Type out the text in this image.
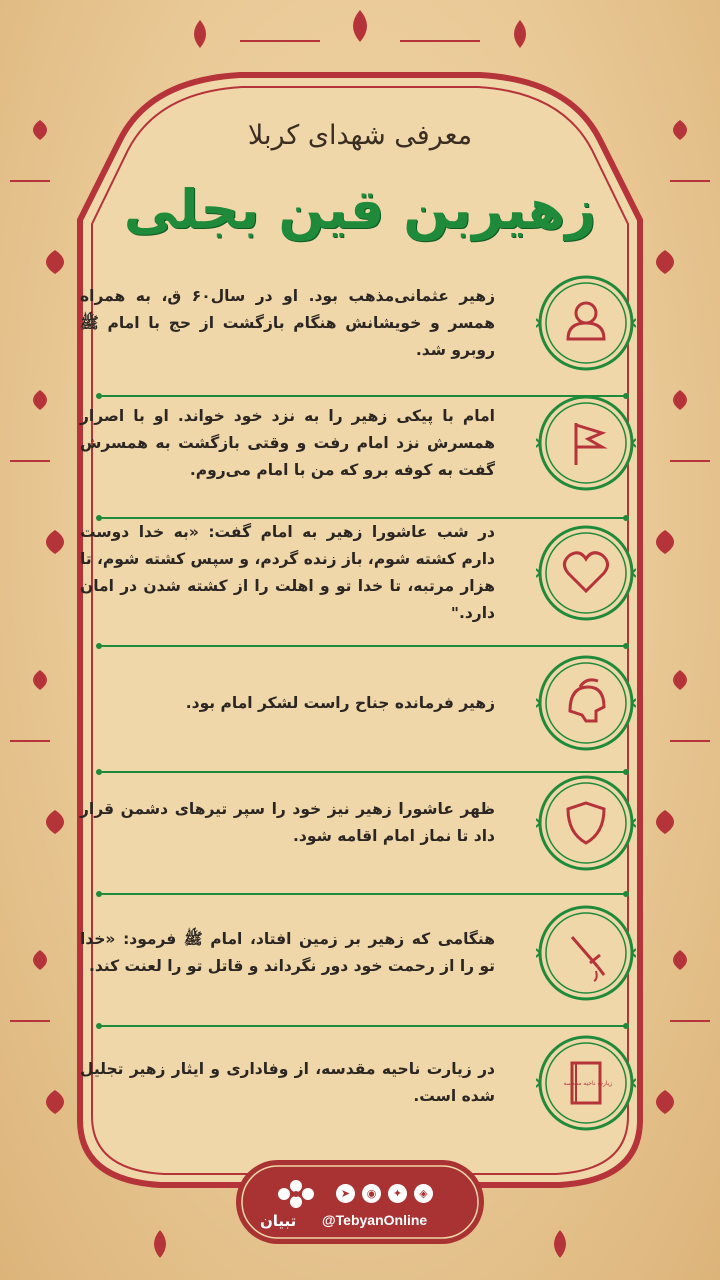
معرفی شهدای کربلا
زهیربن قین بجلی
زهیر عثمانی‌مذهب بود. او در سال۶۰ ق، به همراه همسر و خویشانش هنگام بازگشت از حج با امام ﷺ روبرو شد.
امام با پیکی زهیر را به نزد خود خواند. او با اصرار همسرش نزد امام رفت و وقتی بازگشت به همسرش گفت به کوفه برو که من با امام می‌روم.
در شب عاشورا زهیر به امام گفت: «به خدا دوست دارم کشته شوم، باز زنده گردم، و سپس کشته شوم، تا هزار مرتبه، تا خدا تو و اهلت را از کشته شدن در امان دارد."
زهیر فرمانده جناح راست لشکر امام بود.
ظهر عاشورا زهیر نیز خود را سپر تیرهای دشمن قرار داد تا نماز امام اقامه شود.
هنگامی که زهیر بر زمین افتاد، امام ﷺ فرمود: «خدا تو را از رحمت خود دور نگرداند و قاتل تو را لعنت کند.
در زیارت ناحیه مقدسه، از وفاداری و ایثار زهیر تجلیل شده است.
زیارت ناحیه مقدسه
تبیان @TebyanOnline
➤	◉	✦	◈
